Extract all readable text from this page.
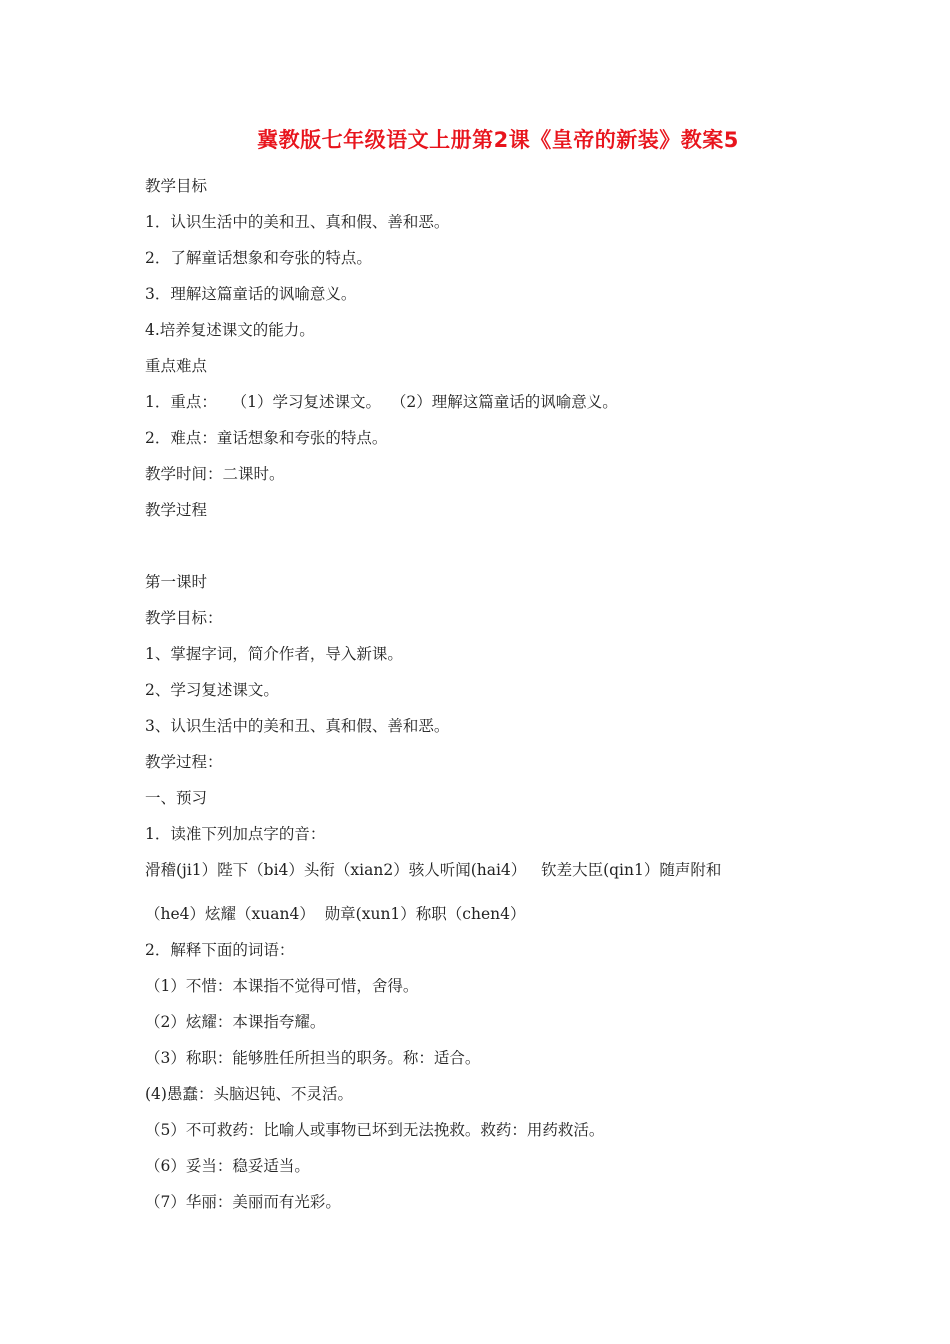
冀教版七年级语文上册第2课《皇帝的新装》教案5
教学目标
1．认识生活中的美和丑、真和假、善和恶。
2．了解童话想象和夸张的特点。
3．理解这篇童话的讽喻意义。
4.培养复述课文的能力。
重点难点
1．重点：   （1）学习复述课文。  （2）理解这篇童话的讽喻意义。
2．难点：童话想象和夸张的特点。
教学时间：二课时。
教学过程
第一课时
教学目标：
1、掌握字词，简介作者，导入新课。
2、学习复述课文。
3、认识生活中的美和丑、真和假、善和恶。
教学过程：
一、预习
1．读准下列加点字的音：
滑稽(ji1）陛下（bi4）头衔（xian2）骇人听闻(hai4）   钦差大臣(qin1）随声附和
（he4）炫耀（xuan4）  勋章(xun1）称职（chen4）
2．解释下面的词语：
（1）不惜：本课指不觉得可惜，舍得。
（2）炫耀：本课指夸耀。
（3）称职：能够胜任所担当的职务。称：适合。
(4)愚蠢：头脑迟钝、不灵活。
（5）不可救药：比喻人或事物已坏到无法挽救。救药：用药救活。
（6）妥当：稳妥适当。
（7）华丽：美丽而有光彩。
